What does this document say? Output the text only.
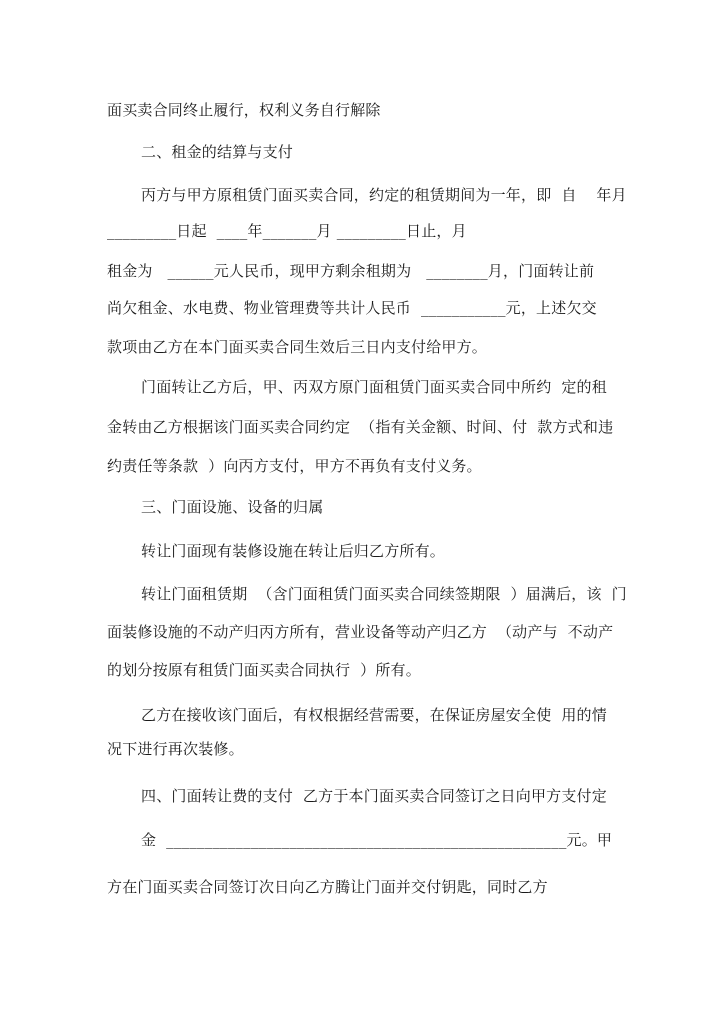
面买卖合同终止履行，权利义务自行解除
二、租金的结算与支付
丙方与甲方原租赁门面买卖合同，约定的租赁期间为一年，即  自    年月
_________日起  ____年_______月 _________日止，月
租金为   ______元人民币，现甲方剩余租期为   ________月，门面转让前
尚欠租金、水电费、物业管理费等共计人民币  ___________元，上述欠交
款项由乙方在本门面买卖合同生效后三日内支付给甲方。
门面转让乙方后，甲、丙双方原门面租赁门面买卖合同中所约  定的租
金转由乙方根据该门面买卖合同约定  （指有关金额、时间、付  款方式和违
约责任等条款  ）向丙方支付，甲方不再负有支付义务。
三、门面设施、设备的归属
转让门面现有装修设施在转让后归乙方所有。
转让门面租赁期  （含门面租赁门面买卖合同续签期限  ）届满后，该  门
面装修设施的不动产归丙方所有，营业设备等动产归乙方  （动产与  不动产
的划分按原有租赁门面买卖合同执行  ）所有。
乙方在接收该门面后，有权根据经营需要，在保证房屋安全使  用的情
况下进行再次装修。
四、门面转让费的支付  乙方于本门面买卖合同签订之日向甲方支付定
金  ____________________________________________________元。甲
方在门面买卖合同签订次日向乙方腾让门面并交付钥匙，同时乙方
